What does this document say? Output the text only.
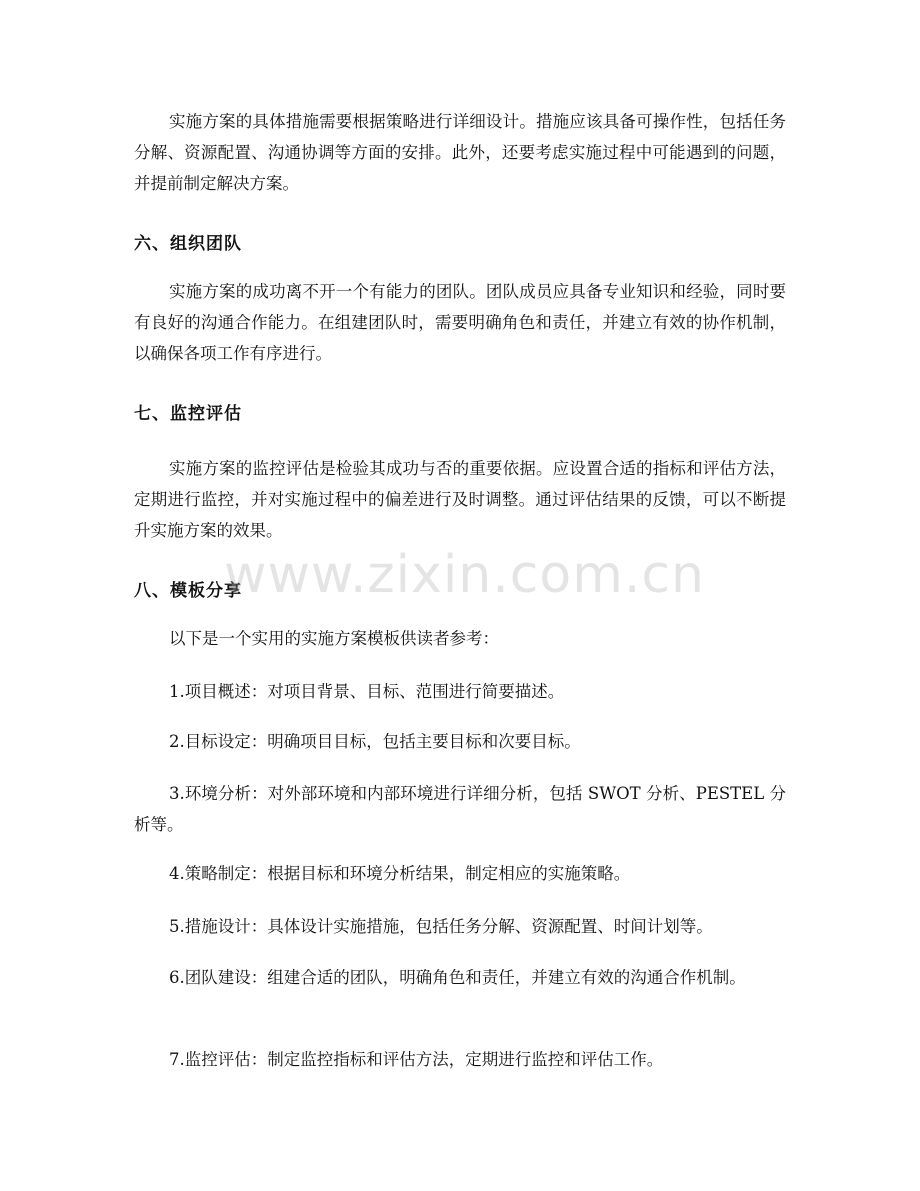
实施方案的具体措施需要根据策略进行详细设计。措施应该具备可操作性，包括任务分解、资源配置、沟通协调等方面的安排。此外，还要考虑实施过程中可能遇到的问题，并提前制定解决方案。

六、组织团队

实施方案的成功离不开一个有能力的团队。团队成员应具备专业知识和经验，同时要有良好的沟通合作能力。在组建团队时，需要明确角色和责任，并建立有效的协作机制，以确保各项工作有序进行。

七、监控评估

实施方案的监控评估是检验其成功与否的重要依据。应设置合适的指标和评估方法，定期进行监控，并对实施过程中的偏差进行及时调整。通过评估结果的反馈，可以不断提升实施方案的效果。

八、模板分享

以下是一个实用的实施方案模板供读者参考：

1.项目概述：对项目背景、目标、范围进行简要描述。

2.目标设定：明确项目目标，包括主要目标和次要目标。

3.环境分析：对外部环境和内部环境进行详细分析，包括 SWOT 分析、PESTEL 分析等。

4.策略制定：根据目标和环境分析结果，制定相应的实施策略。

5.措施设计：具体设计实施措施，包括任务分解、资源配置、时间计划等。

6.团队建设：组建合适的团队，明确角色和责任，并建立有效的沟通合作机制。

7.监控评估：制定监控指标和评估方法，定期进行监控和评估工作。

www.zixin.com.cn
